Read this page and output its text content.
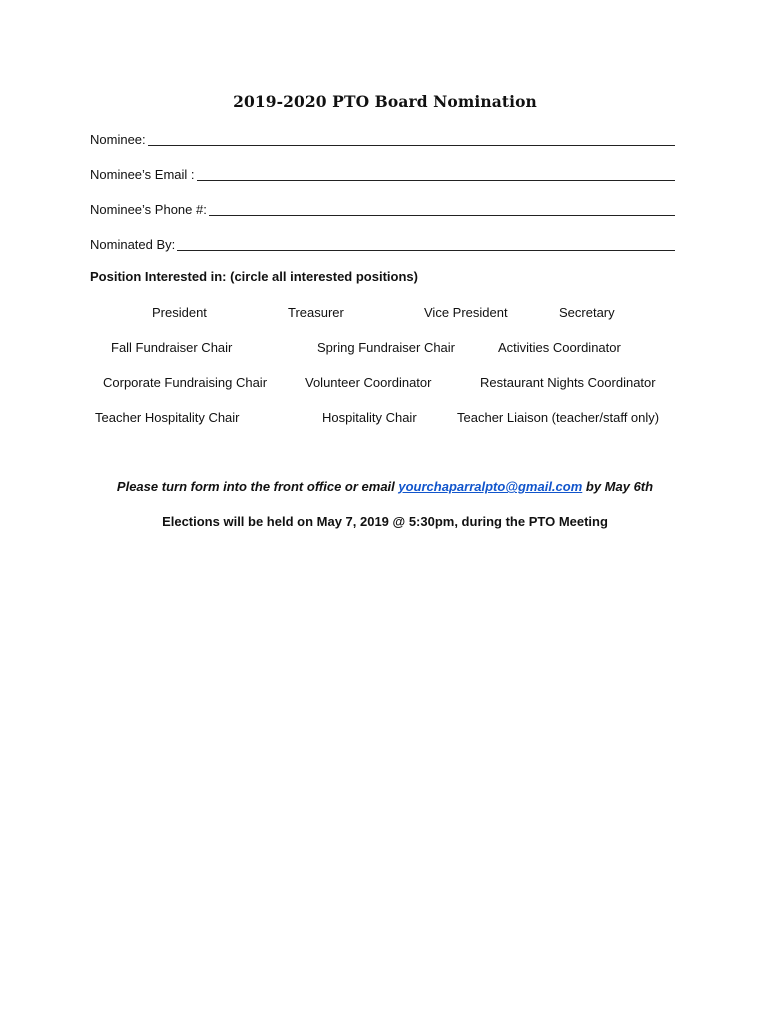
2019-2020 PTO Board Nomination
Nominee:
Nominee’s Email :
Nominee’s Phone #:
Nominated By:
Position Interested in: (circle all interested positions)
President	Treasurer	Vice President	Secretary
Fall Fundraiser Chair	Spring Fundraiser Chair	Activities Coordinator
Corporate Fundraising Chair	Volunteer Coordinator	Restaurant Nights Coordinator
Teacher Hospitality Chair	Hospitality Chair	Teacher Liaison (teacher/staff only)
Please turn form into the front office or email yourchaparralpto@gmail.com by May 6th
Elections will be held on May 7, 2019 @ 5:30pm, during the PTO Meeting
